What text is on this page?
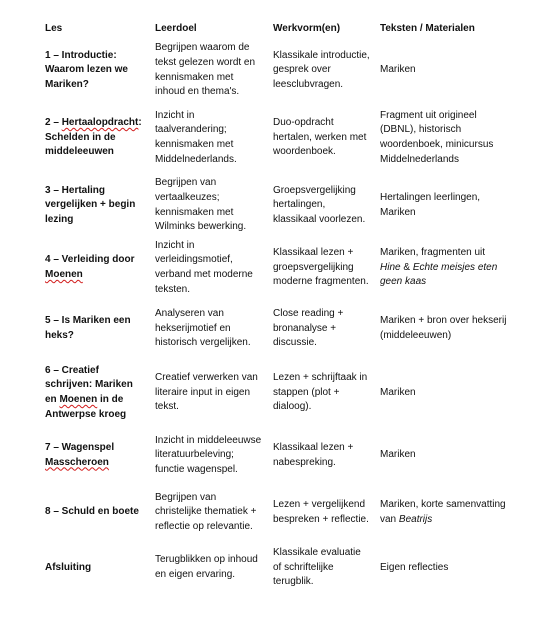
Les	Leerdoel	Werkvorm(en)	Teksten / Materialen
1 – Introductie: Waarom lezen we Mariken?	Begrijpen waarom de tekst gelezen wordt en kennismaken met inhoud en thema's.	Klassikale introductie, gesprek over leesclubvragen.	Mariken
2 – Hertaalopdracht: Schelden in de middeleeuwen	Inzicht in taalverandering; kennismaken met Middelnederlands.	Duo-opdracht hertalen, werken met woordenboek.	Fragment uit origineel (DBNL), historisch woordenboek, minicursus Middelnederlands
3 – Hertaling vergelijken + begin lezing	Begrijpen van vertaalkeuzes; kennismaken met Wilminks bewerking.	Groepsvergelijking hertalingen, klassikaal voorlezen.	Hertalingen leerlingen, Mariken
4 – Verleiding door Moenen	Inzicht in verleidingsmotief, verband met moderne teksten.	Klassikaal lezen + groepsvergelijking moderne fragmenten.	Mariken, fragmenten uit Hine & Echte meisjes eten geen kaas
5 – Is Mariken een heks?	Analyseren van hekserijmotief en historisch vergelijken.	Close reading + bronanalyse + discussie.	Mariken + bron over hekserij (middeleeuwen)
6 – Creatief schrijven: Mariken en Moenen in de Antwerpse kroeg	Creatief verwerken van literaire input in eigen tekst.	Lezen + schrijftaak in stappen (plot + dialoog).	Mariken
7 – Wagenspel Masscheroen	Inzicht in middeleeuwse literatuurbeleving; functie wagenspel.	Klassikaal lezen + nabespreking.	Mariken
8 – Schuld en boete	Begrijpen van christelijke thematiek + reflectie op relevantie.	Lezen + vergelijkend bespreken + reflectie.	Mariken, korte samenvatting van Beatrijs
Afsluiting	Terugblikken op inhoud en eigen ervaring.	Klassikale evaluatie of schriftelijke terugblik.	Eigen reflecties
